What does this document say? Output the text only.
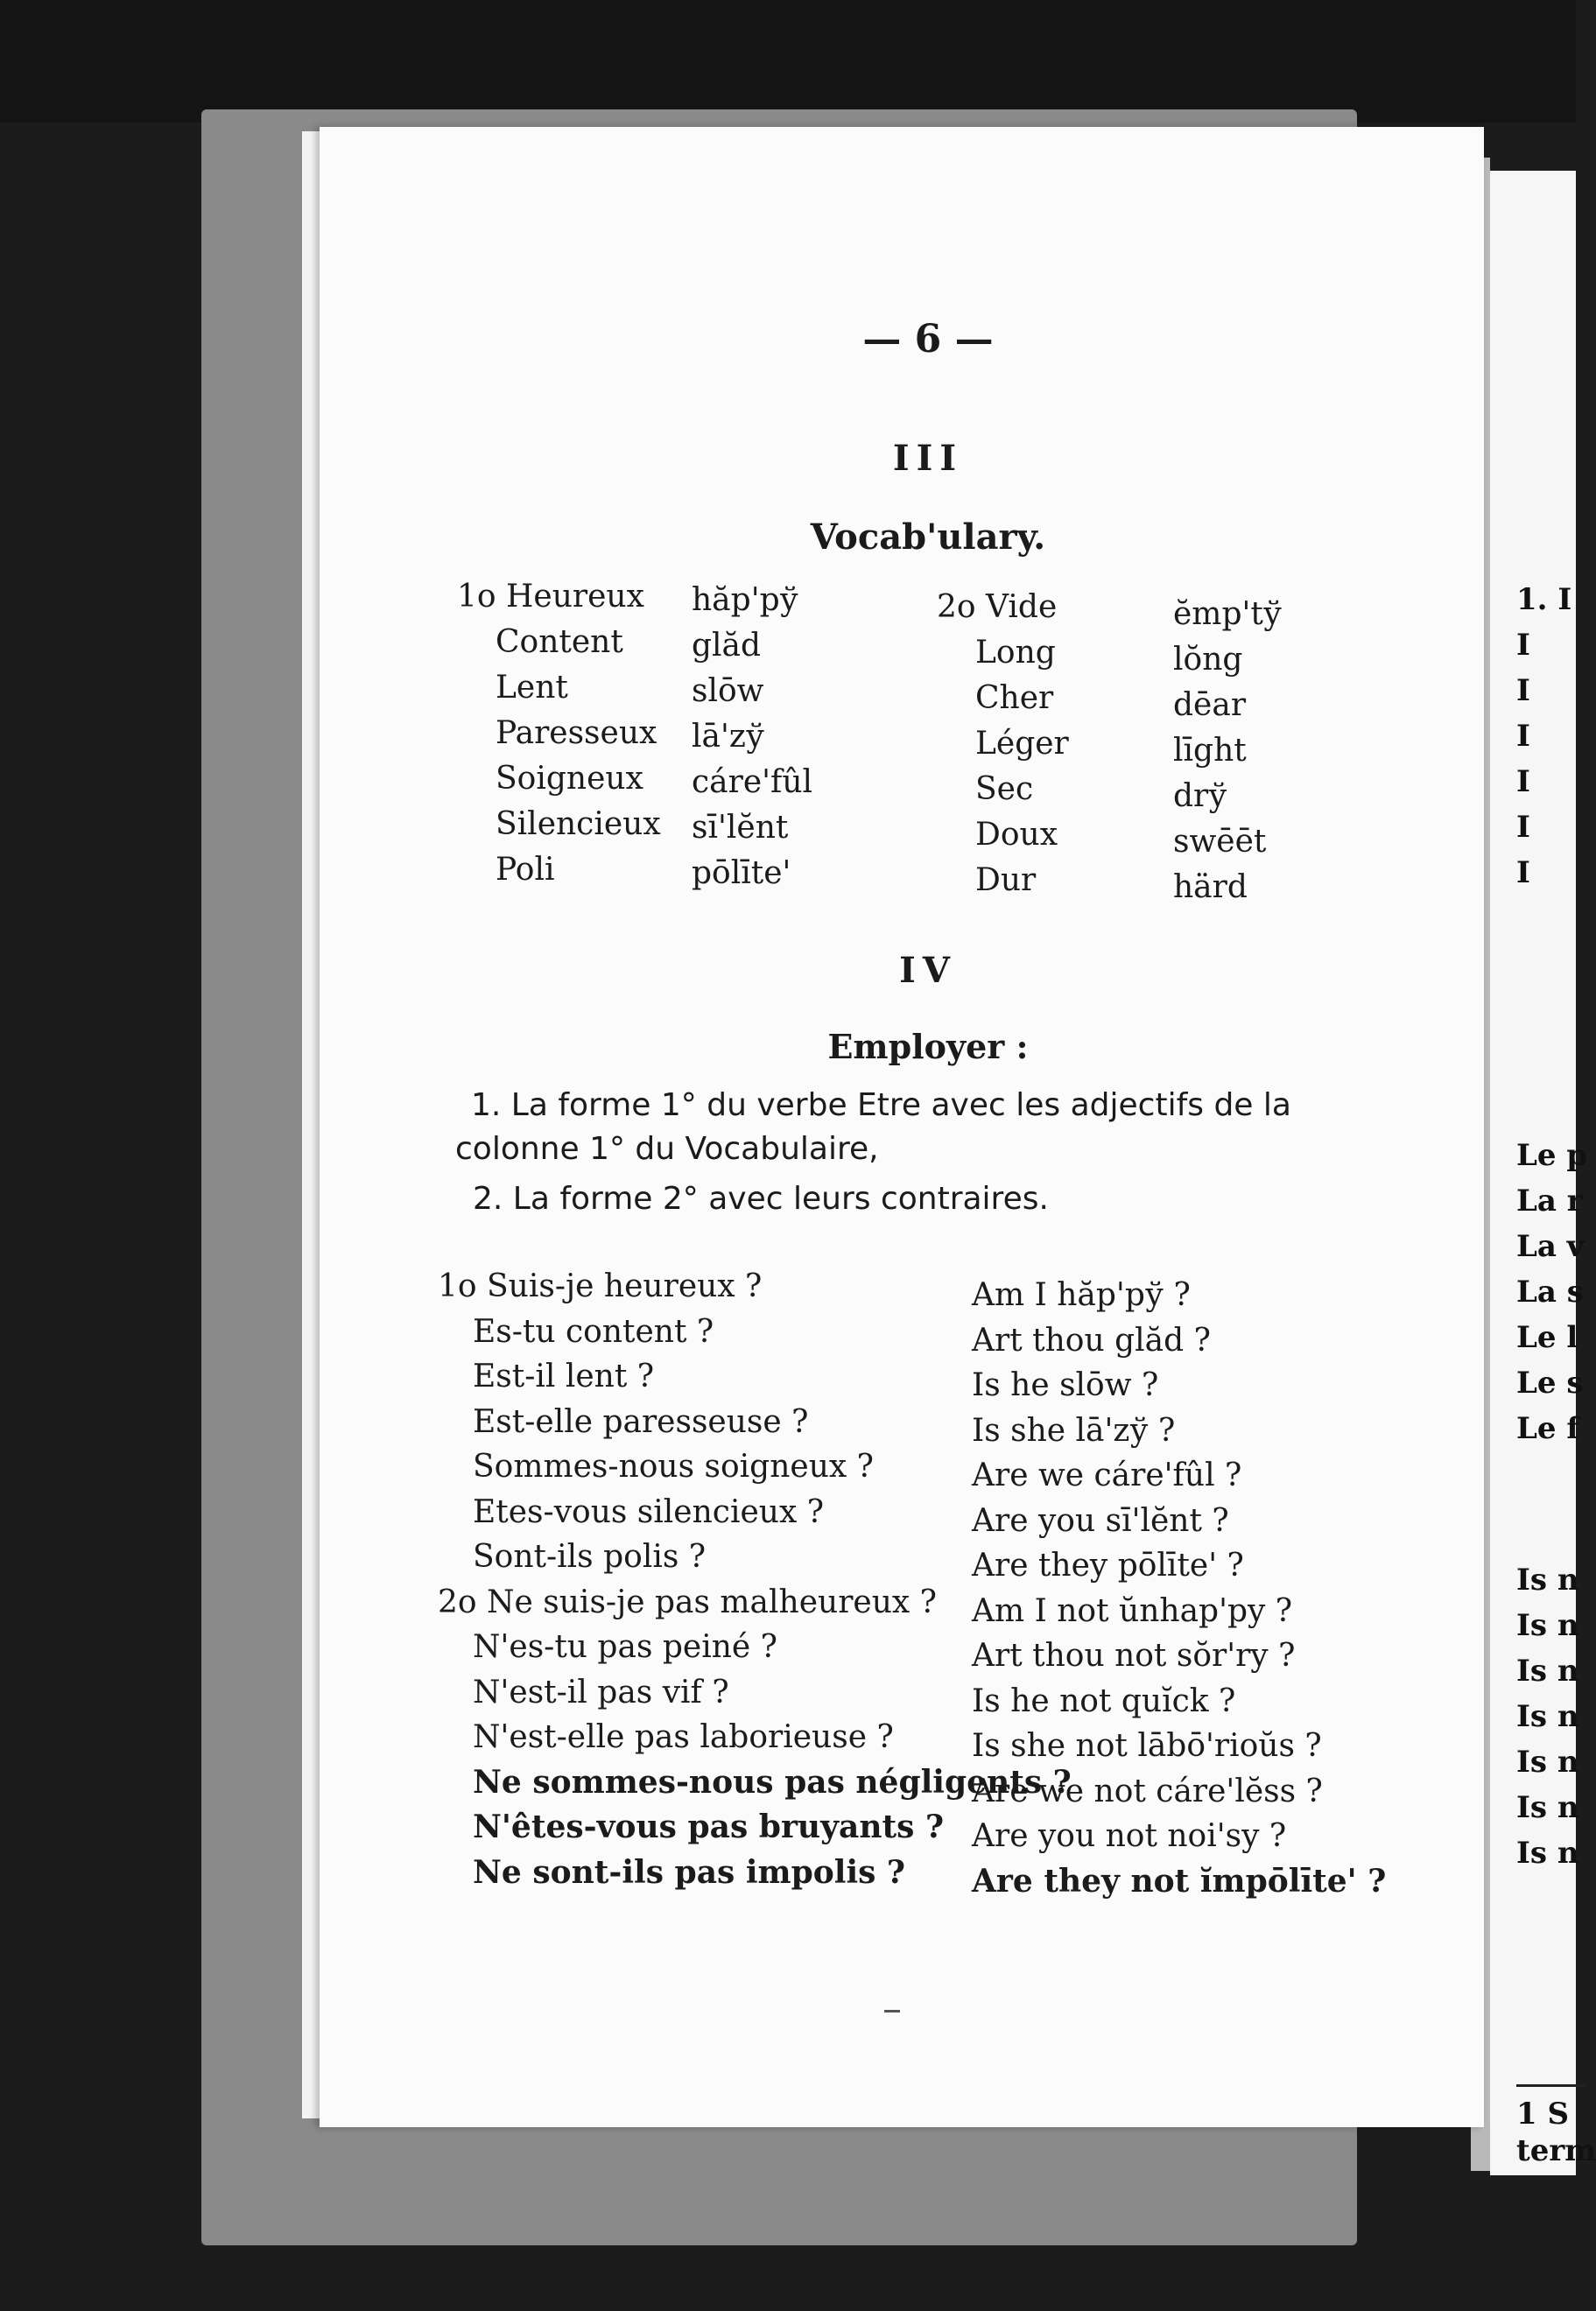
1. I
I
I
I
I
I
I
Le p
La r
La v
La s
Le l
Le s
Le f
Is n
Is n
Is n
Is n
Is n
Is n
Is n
1 S
term
— 6 —
III
Vocab'ulary.
1o Heureux
Content
Lent
Paresseux
Soigneux
Silencieux
Poli
hăp'pў
glăd
slōw
lā'zў
cáre'fûl
sī'lĕnt
pōlīte'
2o Vide
Long
Cher
Léger
Sec
Doux
Dur
ĕmp'tў
lŏng
dēar
līght
drў
swēēt
härd
IV
Employer :
1. La forme 1° du verbe Etre avec les adjectifs de la
colonne 1° du Vocabulaire,
2. La forme 2° avec leurs contraires.
1o Suis-je heureux ?
Es-tu content ?
Est-il lent ?
Est-elle paresseuse ?
Sommes-nous soigneux ?
Etes-vous silencieux ?
Sont-ils polis ?
2o Ne suis-je pas malheureux ?
N'es-tu pas peiné ?
N'est-il pas vif ?
N'est-elle pas laborieuse ?
Ne sommes-nous pas négligents ?
N'êtes-vous pas bruyants ?
Ne sont-ils pas impolis ?
Am I hăp'pў ?
Art thou glăd ?
Is he slōw ?
Is she lā'zў ?
Are we cáre'fûl ?
Are you sī'lĕnt ?
Are they pōlīte' ?
Am I not ŭnhap'py ?
Art thou not sŏr'ry ?
Is he not quĭck ?
Is she not lābō'rioŭs ?
Are we not cáre'lĕss ?
Are you not noi'sy ?
Are they not ĭmpōlīte' ?
